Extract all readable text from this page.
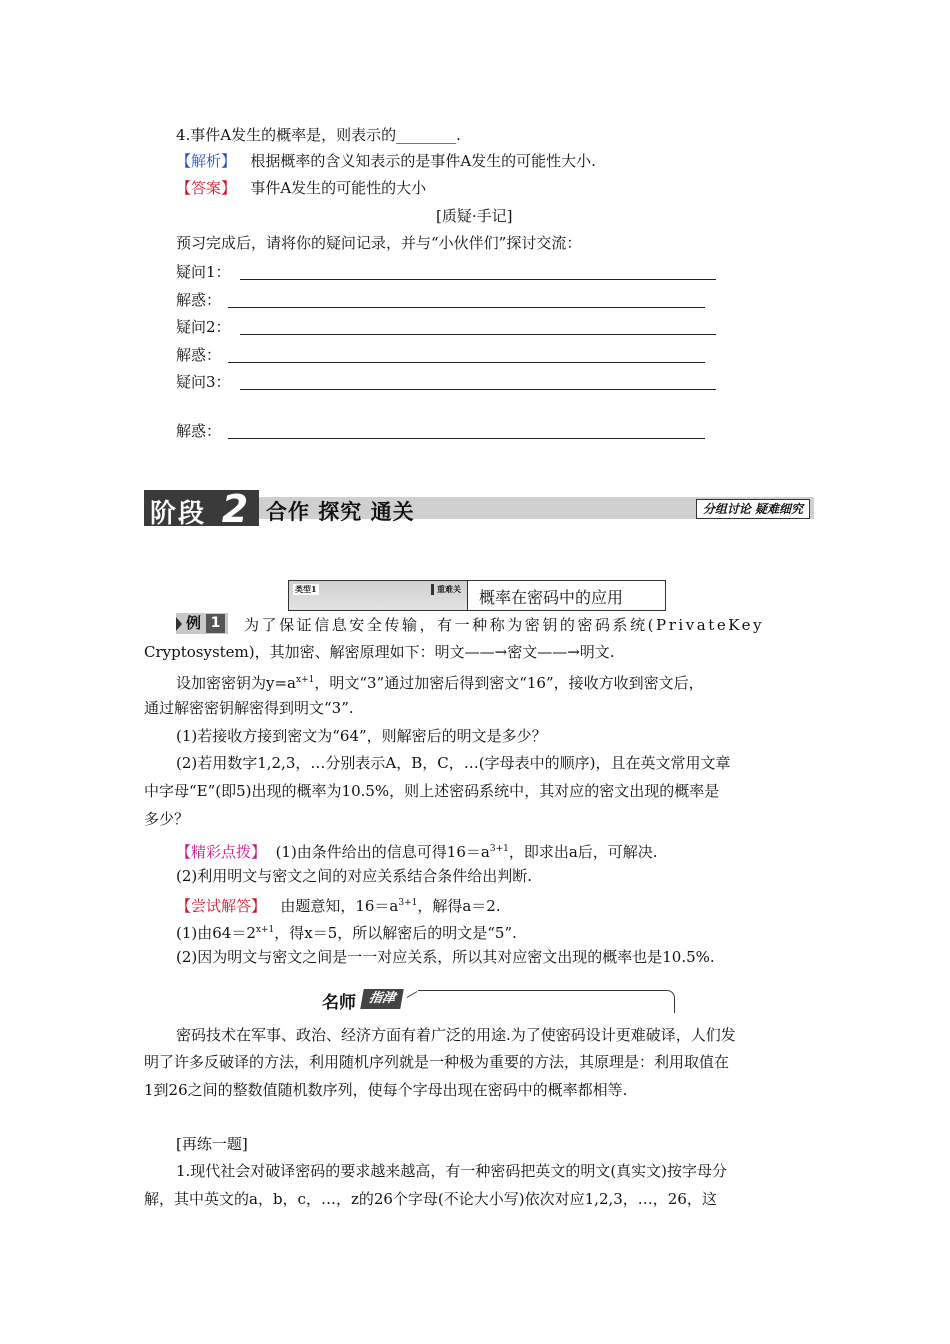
4.事件A发生的概率是，则表示的________.
【解析】 根据概率的含义知表示的是事件A发生的可能性大小.
【答案】 事件A发生的可能性的大小
[质疑·手记]
预习完成后，请将你的疑问记录，并与“小伙伴们”探讨交流：
疑问1：
解惑：
疑问2：
解惑：
疑问3：
解惑：
阶段 2 合作 探究 通关	分组讨论 疑难细究
类型1	重难关 概率在密码中的应用
例 1	为了保证信息安全传输，有一种称为密钥的密码系统(PrivateKey
Cryptosystem)，其加密、解密原理如下：明文——→密文——→明文.
设加密密钥为$y=a^{x+1}$，明文“3”通过加密后得到密文“16”，接收方收到密文后，
通过解密密钥解密得到明文“3”.
(1)若接收方接到密文为“64”，则解密后的明文是多少？
(2)若用数字1,2,3，…分别表示A，B，C，…(字母表中的顺序)，且在英文常用文章
中字母“E”(即5)出现的概率为10.5%，则上述密码系统中，其对应的密文出现的概率是
多少？
【精彩点拨】 (1)由条件给出的信息可得$16=a^{3+1}$，即求出a后，可解决.
(2)利用明文与密文之间的对应关系结合条件给出判断.
【尝试解答】 由题意知，$16=a^{3+1}$，解得a＝2.
(1)由$64=2^{x+1}$，得x＝5，所以解密后的明文是“5”.
(2)因为明文与密文之间是一一对应关系，所以其对应密文出现的概率也是10.5%.
名师 指津
密码技术在军事、政治、经济方面有着广泛的用途.为了使密码设计更难破译，人们发
明了许多反破译的方法，利用随机序列就是一种极为重要的方法，其原理是：利用取值在
1到26之间的整数值随机数序列，使每个字母出现在密码中的概率都相等.
[再练一题]
1.现代社会对破译密码的要求越来越高，有一种密码把英文的明文(真实文)按字母分
解，其中英文的a，b，c，…，z的26个字母(不论大小写)依次对应1,2,3，…，26，这
